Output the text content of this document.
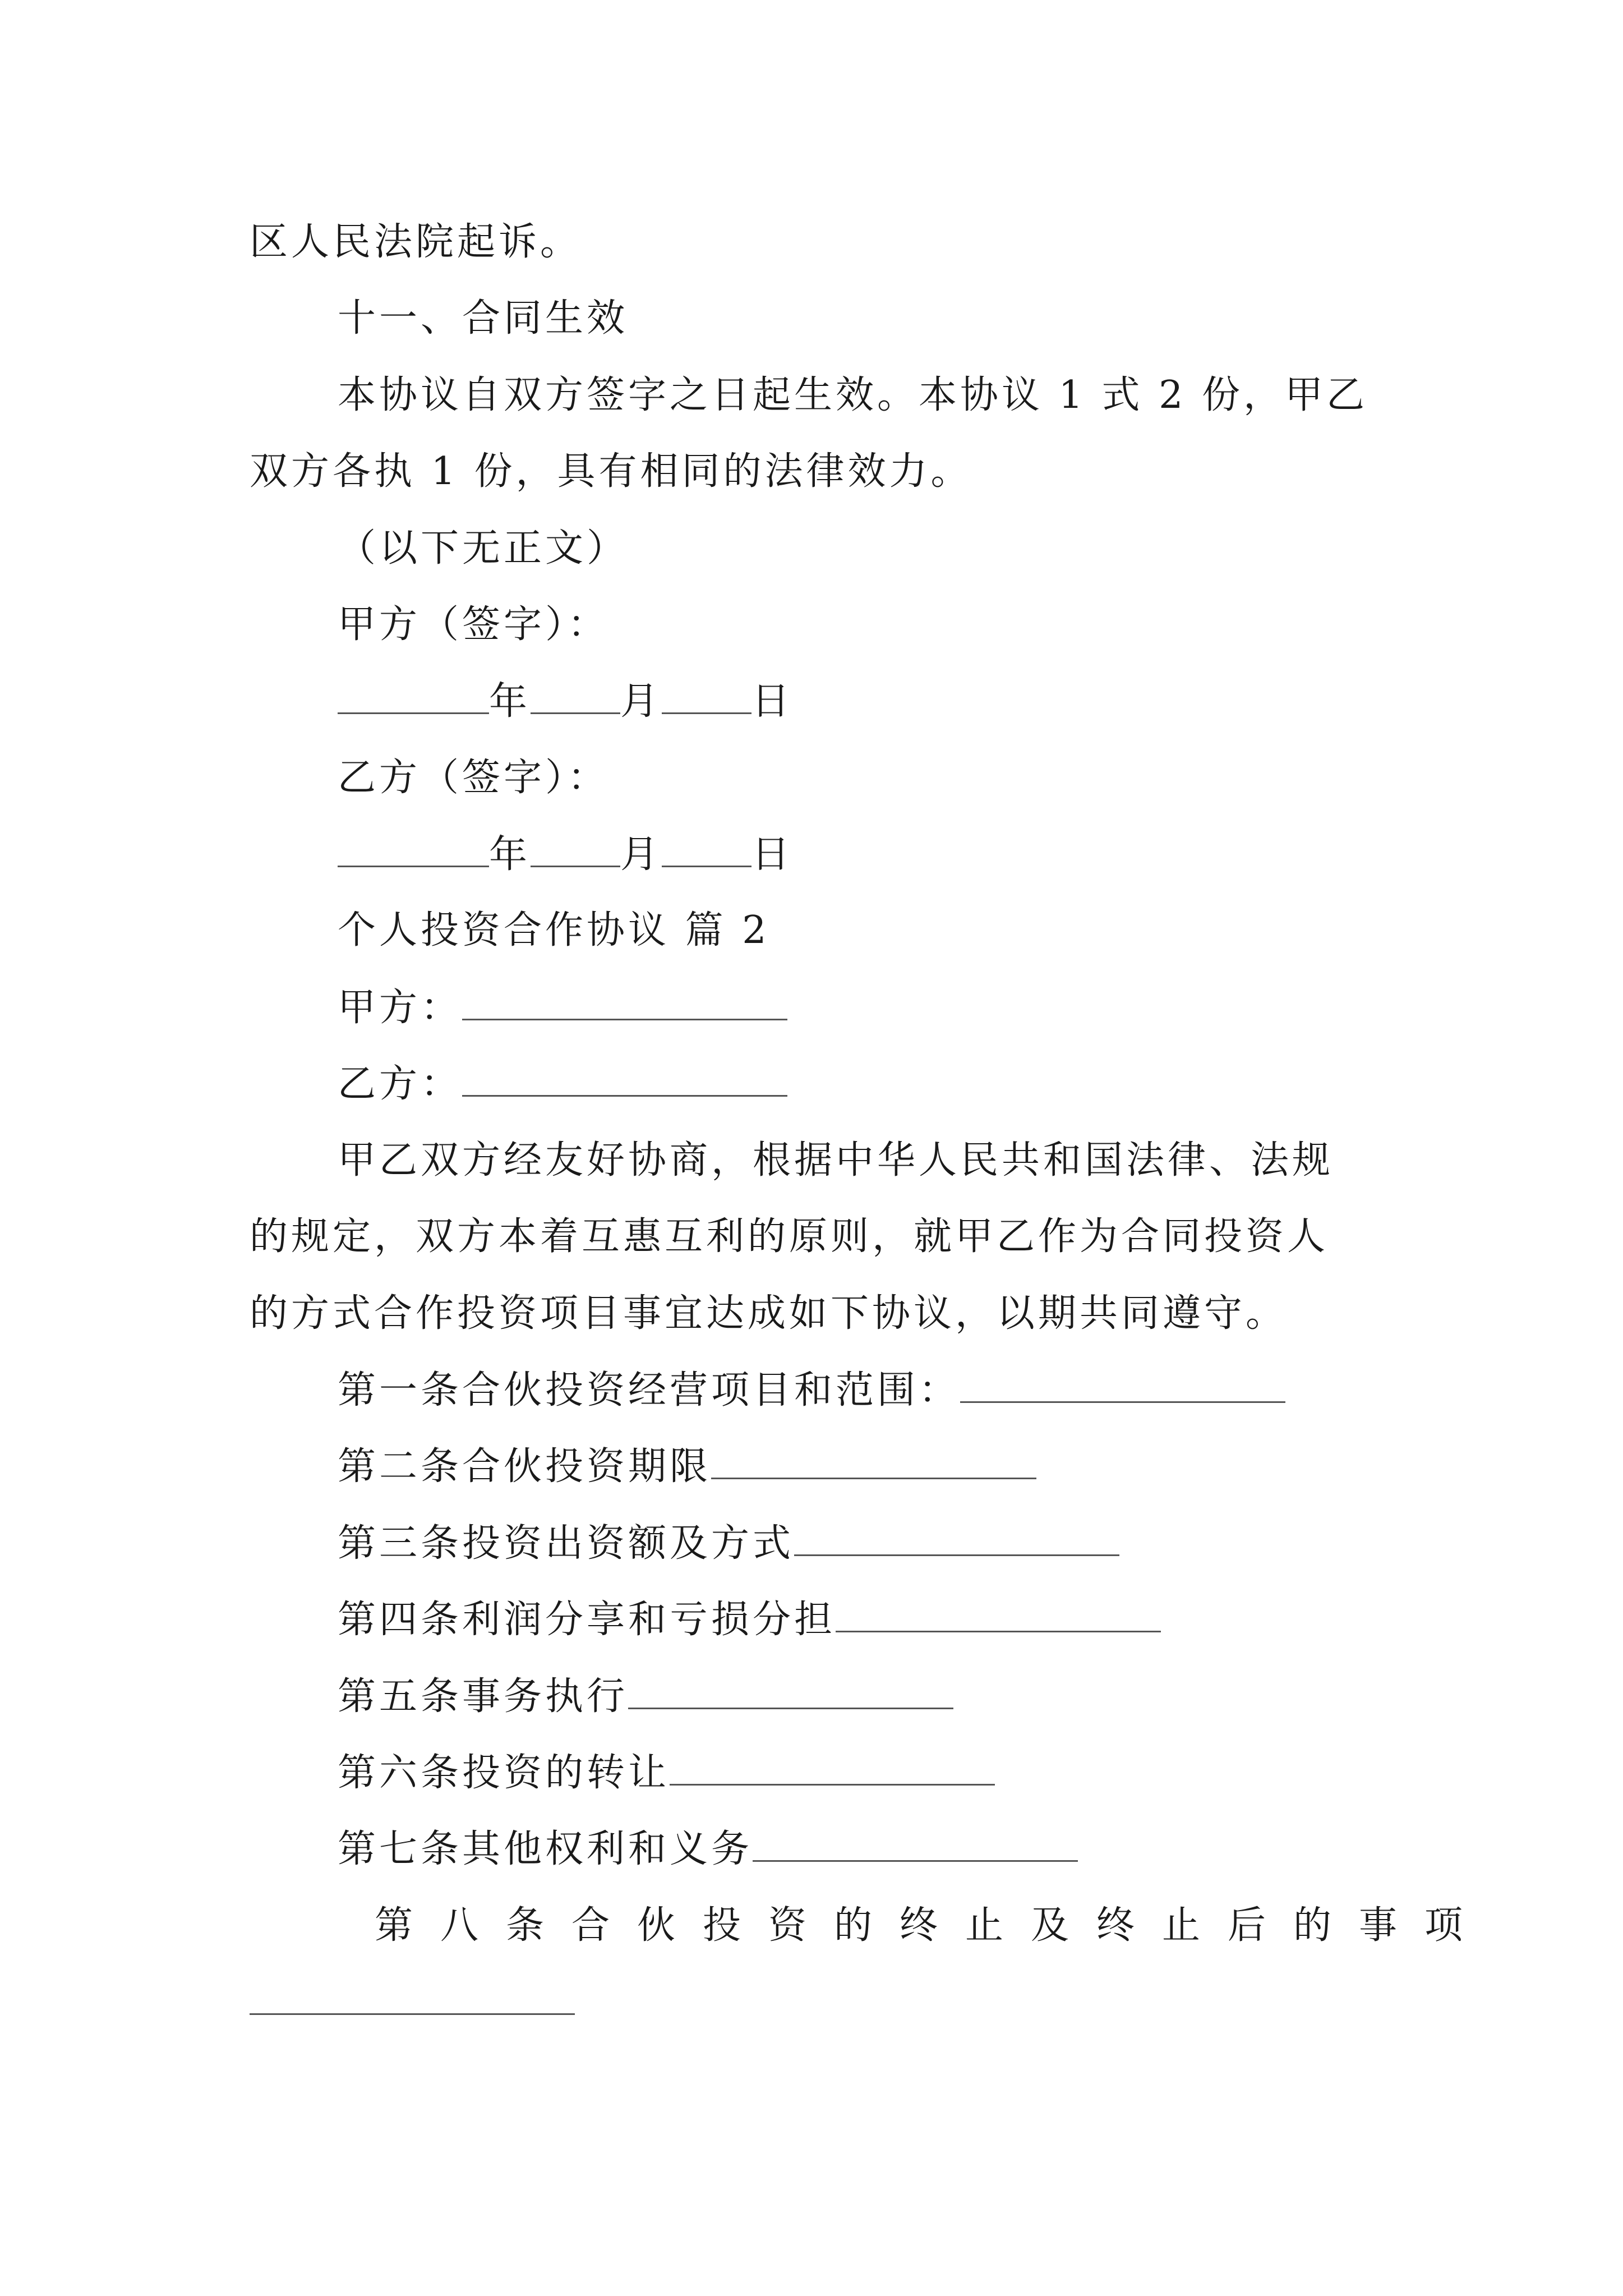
区人民法院起诉。
十一、合同生效
本协议自双方签字之日起生效。本协议 1 式 2 份，甲乙
双方各执 1 份，具有相同的法律效力。
（以下无正文）
甲方（签字）：
年 月 日
乙方（签字）：
年 月 日
个人投资合作协议 篇 2
甲方：
乙方：
甲乙双方经友好协商，根据中华人民共和国法律、法规
的规定，双方本着互惠互利的原则，就甲乙作为合同投资人
的方式合作投资项目事宜达成如下协议，以期共同遵守。
第一条合伙投资经营项目和范围：
第二条合伙投资期限
第三条投资出资额及方式
第四条利润分享和亏损分担
第五条事务执行
第六条投资的转让
第七条其他权利和义务
第八条合伙投资的终止及终止后的事项
